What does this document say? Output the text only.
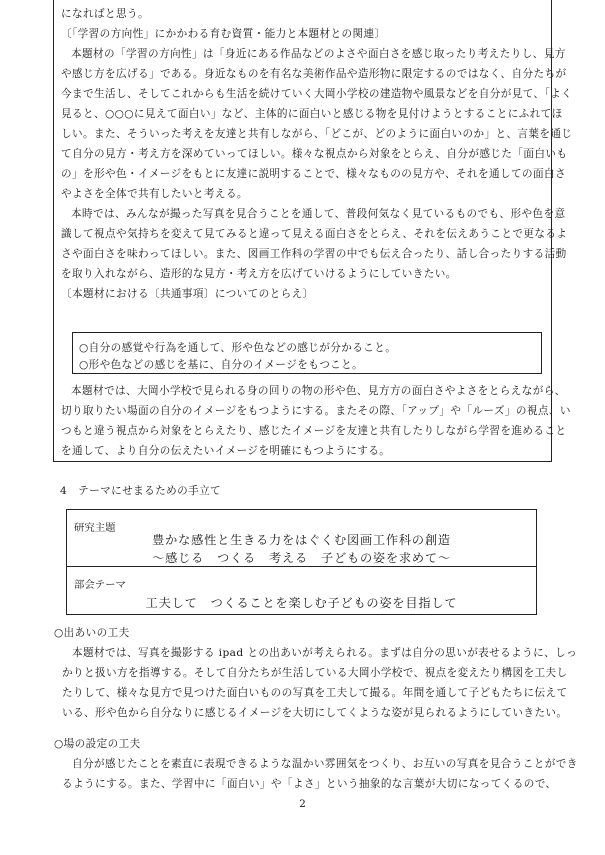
になればと思う。

〔「学習の方向性」にかかわる育む資質・能力と本題材との関連〕

本題材の「学習の方向性」は「身近にある作品などのよさや面白さを感じ取ったり考えたりし、見方

や感じ方を広げる」である。身近なものを有名な美術作品や造形物に限定するのではなく、自分たちが

今まで生活し、そしてこれからも生活を続けていく大岡小学校の建造物や風景などを自分が見て、「よく

見ると、○○○に見えて面白い」など、主体的に面白いと感じる物を見付けようとすることにふれてほ

しい。また、そういった考えを友達と共有しながら、「どこが、どのように面白いのか」と、言葉を通じ

て自分の見方・考え方を深めていってほしい。様々な視点から対象をとらえ、自分が感じた「面白いも

の」を形や色・イメージをもとに友達に説明することで、様々なものの見方や、それを通しての面白さ

やよさを全体で共有したいと考える。

本時では、みんなが撮った写真を見合うことを通して、普段何気なく見ているものでも、形や色を意

識して視点や気持ちを変えて見てみると違って見える面白さをとらえ、それを伝えあうことで更なるよ

さや面白さを味わってほしい。また、図画工作科の学習の中でも伝え合ったり、話し合ったりする活動

を取り入れながら、造形的な見方・考え方を広げていけるようにしていきたい。

〔本題材における〔共通事項〕についてのとらえ〕

○自分の感覚や行為を通して、形や色などの感じが分かること。

○形や色などの感じを基に、自分のイメージをもつこと。

本題材では、大岡小学校で見られる身の回りの物の形や色、見方方の面白さやよさをとらえながら、

切り取りたい場面の自分のイメージをもつようにする。またその際、「アップ」や「ルーズ」の視点、い

つもと違う視点から対象をとらえたり、感じたイメージを友達と共有したりしながら学習を進めること

を通して、より自分の伝えたいイメージを明確にもつようにする。

4　テーマにせまるための手立て
研究主題
豊かな感性と生きる力をはぐくむ図画工作科の創造
～感じる　つくる　考える　子どもの姿を求めて～
部会テーマ
工夫して　つくることを楽しむ子どもの姿を目指して
○出あいの工夫

本題材では、写真を撮影する ipad との出あいが考えられる。まずは自分の思いが表せるように、しっ

かりと扱い方を指導する。そして自分たちが生活している大岡小学校で、視点を変えたり構図を工夫し

たりして、様々な見方で見つけた面白いものの写真を工夫して撮る。年間を通して子どもたちに伝えて

いる、形や色から自分なりに感じるイメージを大切にしてくような姿が見られるようにしていきたい。

○場の設定の工夫

自分が感じたことを素直に表現できるような温かい雰囲気をつくり、お互いの写真を見合うことができ

るようにする。また、学習中に「面白い」や「よさ」という抽象的な言葉が大切になってくるので、

2
